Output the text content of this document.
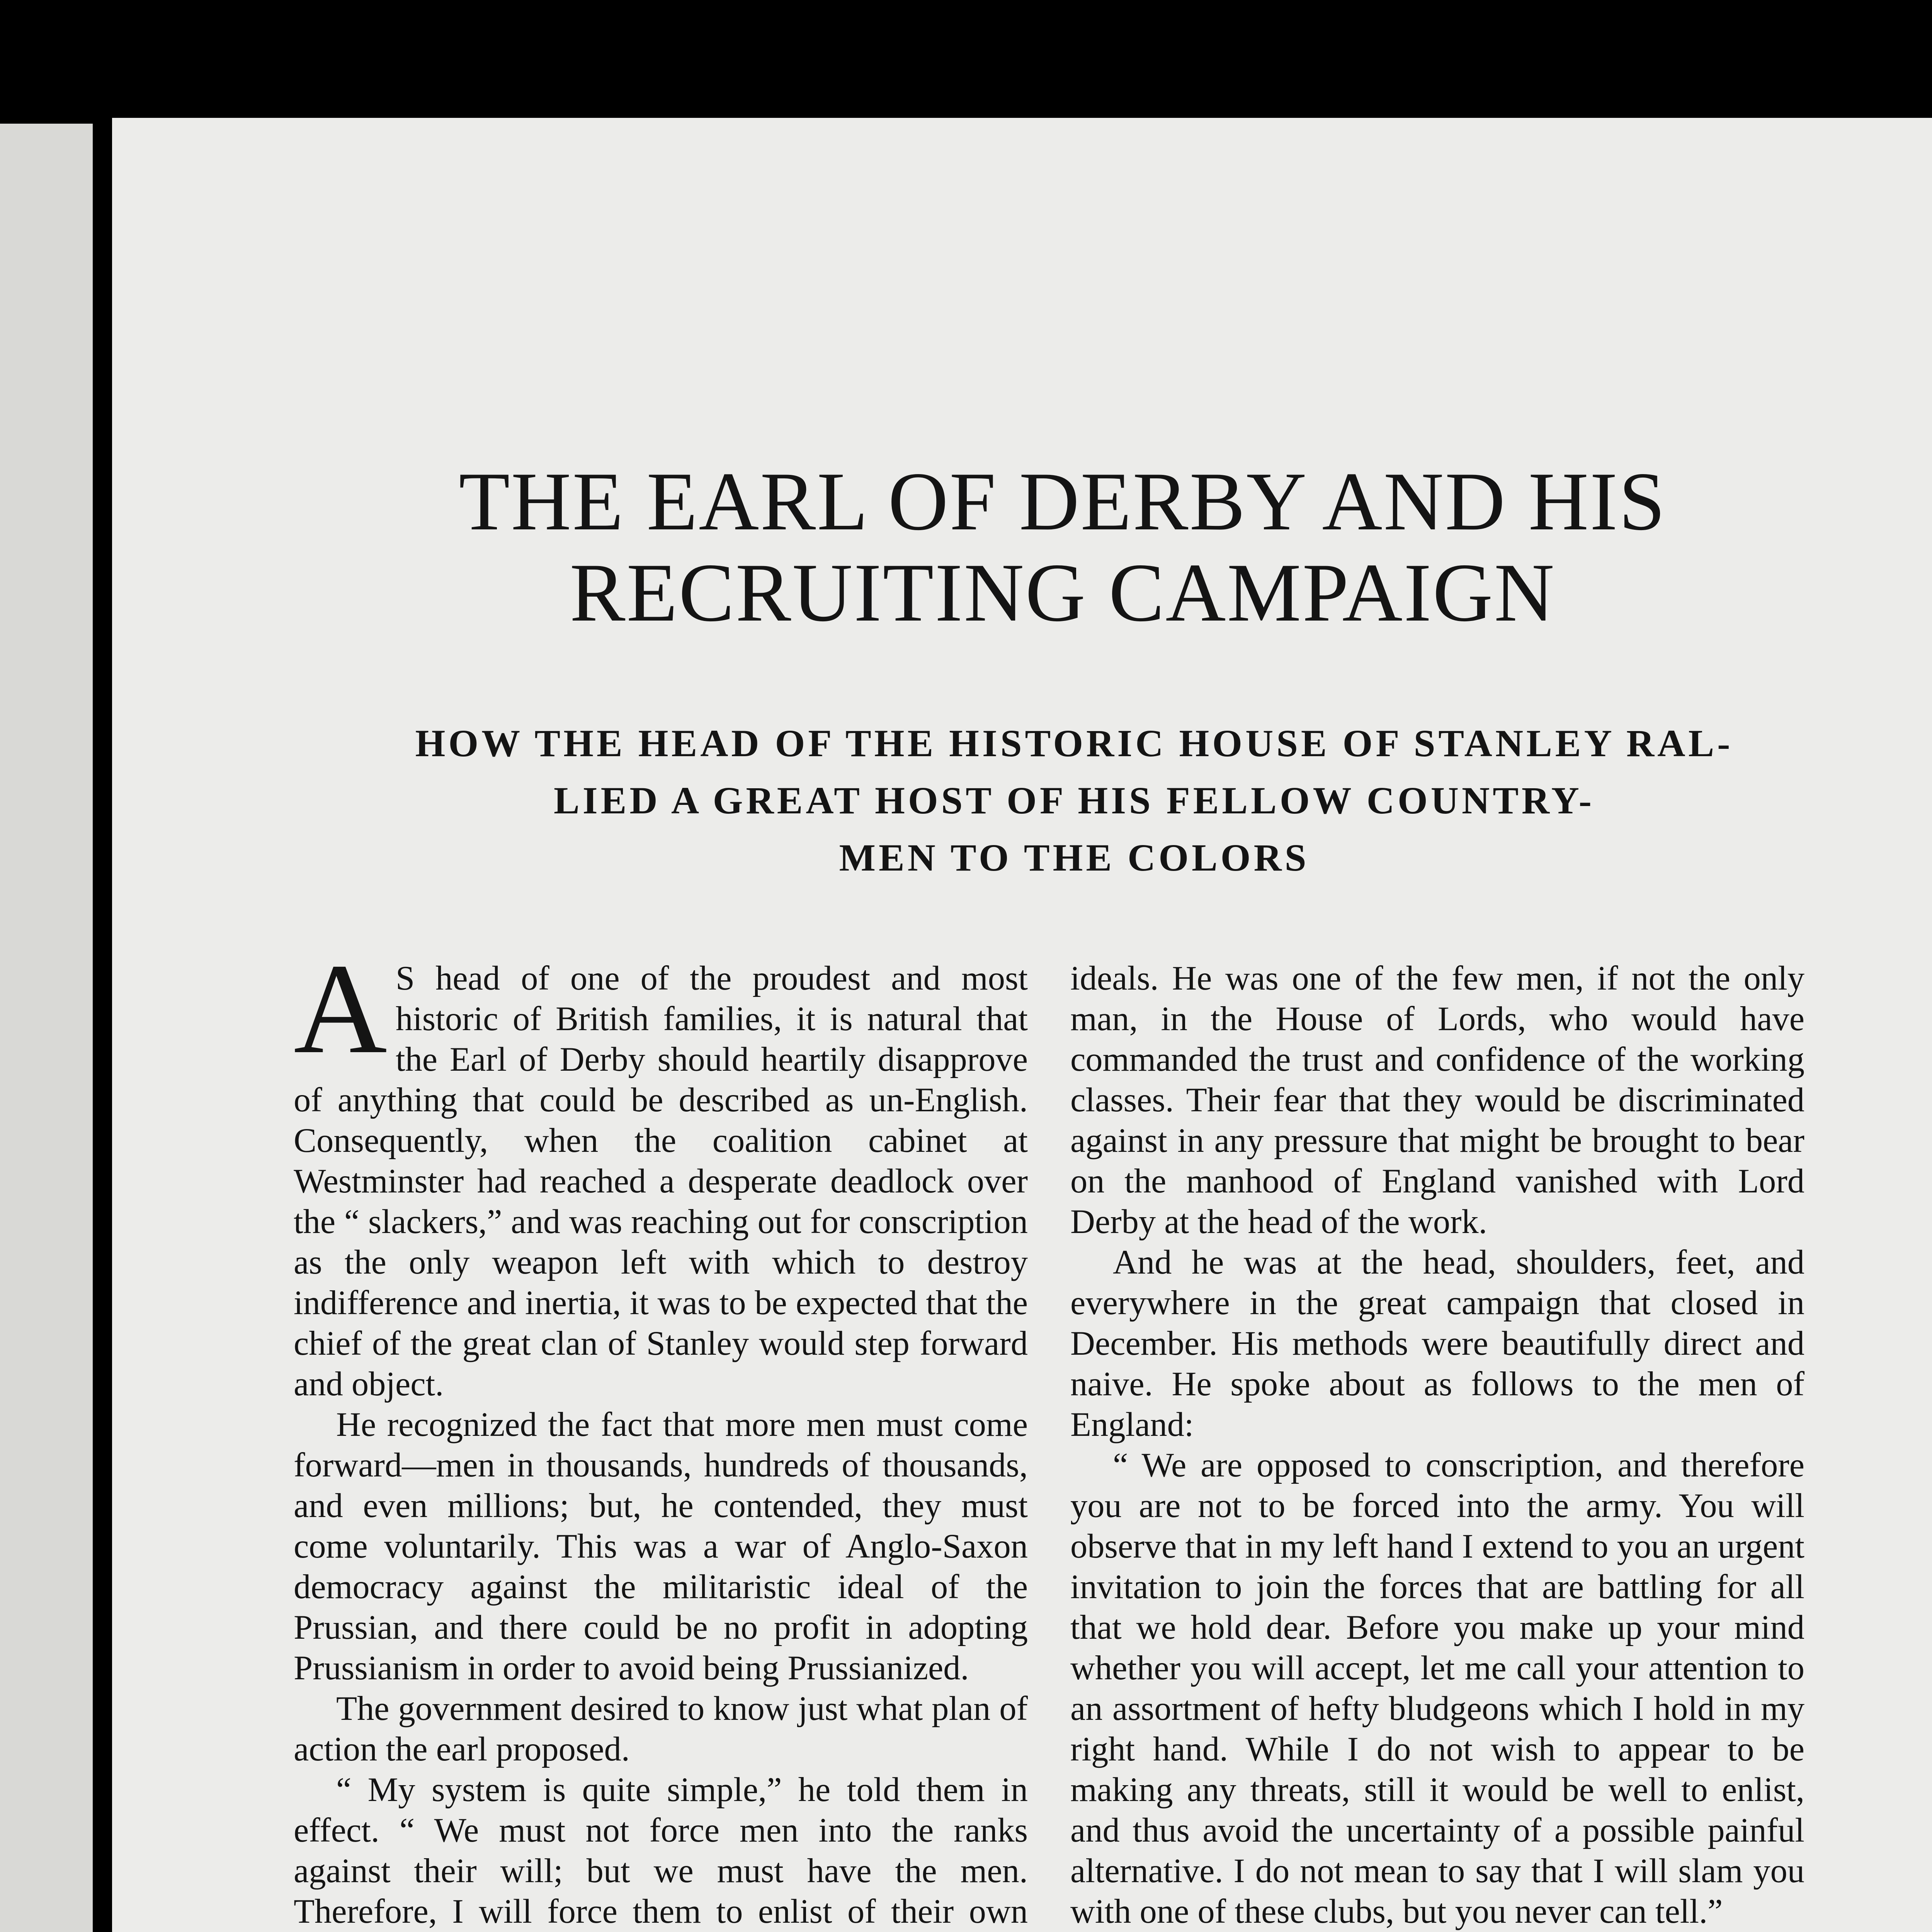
THE EARL OF DERBY AND HIS
RECRUITING CAMPAIGN
HOW THE HEAD OF THE HISTORIC HOUSE OF STANLEY RAL-
LIED A GREAT HOST OF HIS FELLOW COUNTRY-
MEN TO THE COLORS

A S head of one of the proudest and most historic of British families, it is natural that the Earl of Derby should heartily disapprove of anything that could be described as un-English. Consequently, when the coalition cabinet at Westminster had reached a desperate deadlock over the “ slackers,” and was reaching out for conscription as the only weapon left with which to destroy indifference and inertia, it was to be expected that the chief of the great clan of Stanley would step forward and object.

He recognized the fact that more men must come forward—men in thousands, hundreds of thousands, and even millions; but, he contended, they must come voluntarily. This was a war of Anglo-Saxon democracy against the militaristic ideal of the Prussian, and there could be no profit in adopting Prussianism in order to avoid being Prussianized.

The government desired to know just what plan of action the earl proposed.

“ My system is quite simple,” he told them in effect. “ We must not force men into the ranks against their will; but we must have the men. Therefore, I will force them to enlist of their own

ideals. He was one of the few men, if not the only man, in the House of Lords, who would have commanded the trust and confidence of the working classes. Their fear that they would be discriminated against in any pressure that might be brought to bear on the manhood of England vanished with Lord Derby at the head of the work.

And he was at the head, shoulders, feet, and everywhere in the great campaign that closed in December. His methods were beautifully direct and naive. He spoke about as follows to the men of England:

“ We are opposed to conscription, and therefore you are not to be forced into the army. You will observe that in my left hand I extend to you an urgent invitation to join the forces that are battling for all that we hold dear. Before you make up your mind whether you will accept, let me call your attention to an assortment of hefty bludgeons which I hold in my right hand. While I do not wish to appear to be making any threats, still it would be well to enlist, and thus avoid the uncertainty of a possible painful alternative. I do not mean to say that I will slam you with one of these clubs, but you never can tell.”
